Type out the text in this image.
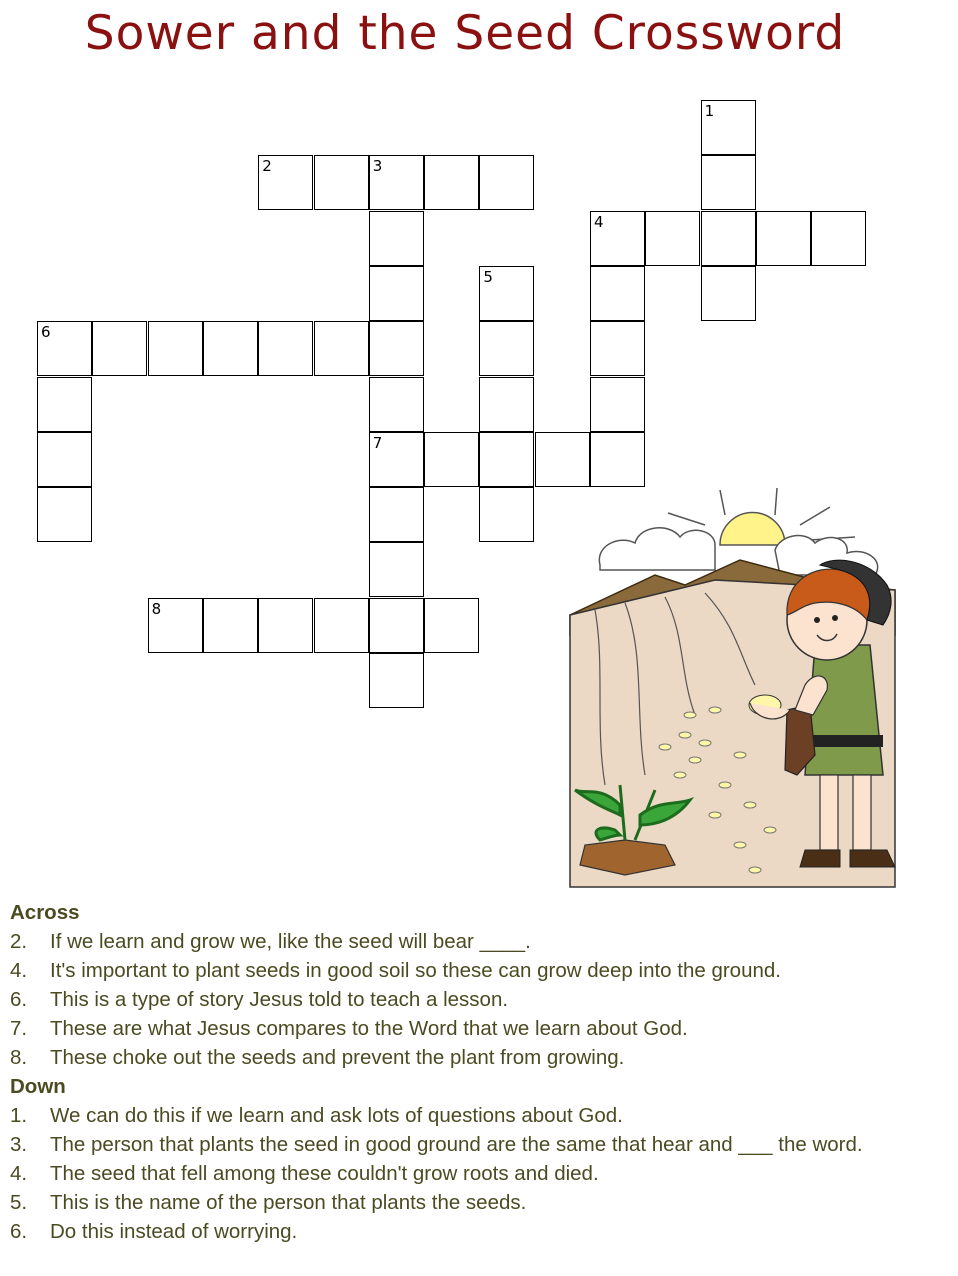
Sower and the Seed Crossword
1
2	3
7
4
5
6
8
Across
2.	If we learn and grow we, like the seed will bear ____.
4.	It's important to plant seeds in good soil so these can grow deep into the ground.
6.	This is a type of story Jesus told to teach a lesson.
7.	These are what Jesus compares to the Word that we learn about God.
8.	These choke out the seeds and prevent the plant from growing.
Down
1.	We can do this if we learn and ask lots of questions about God.
3.	The person that plants the seed in good ground are the same that hear and ___ the word.
4.	The seed that fell among these couldn't grow roots and died.
5.	This is the name of the person that plants the seeds.
6.	Do this instead of worrying.
